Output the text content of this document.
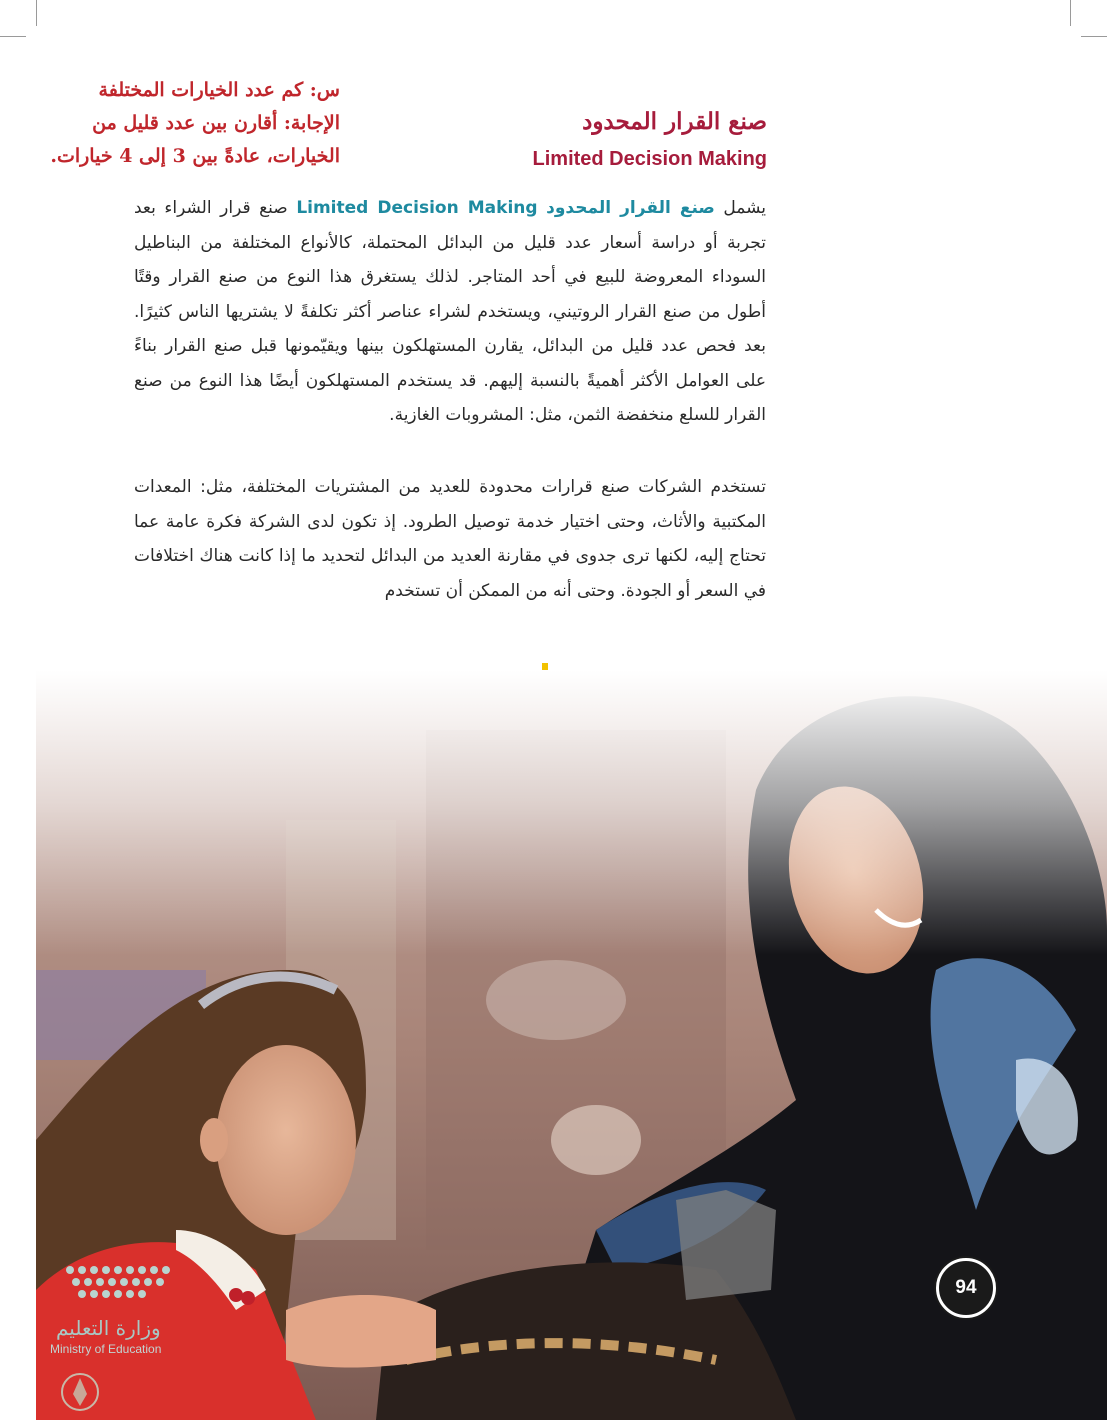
س: كم عدد الخيارات المختلفة
الإجابة: أقارن بين عدد قليل من
الخيارات، عادةً بين 3 إلى 4 خيارات.
صنع القرار المحدود
Limited Decision Making
يشمل صنع القرار المحدود Limited Decision Making صنع قرار الشراء بعد تجربة أو دراسة أسعار عدد قليل من البدائل المحتملة، كالأنواع المختلفة من البناطيل السوداء المعروضة للبيع في أحد المتاجر. لذلك يستغرق هذا النوع من صنع القرار وقتًا أطول من صنع القرار الروتيني، ويستخدم لشراء عناصر أكثر تكلفةً لا يشتريها الناس كثيرًا. بعد فحص عدد قليل من البدائل، يقارن المستهلكون بينها ويقيّمونها قبل صنع القرار بناءً على العوامل الأكثر أهميةً بالنسبة إليهم. قد يستخدم المستهلكون أيضًا هذا النوع من صنع القرار للسلع منخفضة الثمن، مثل: المشروبات الغازية.
تستخدم الشركات صنع قرارات محدودة للعديد من المشتريات المختلفة، مثل: المعدات المكتبية والأثاث، وحتى اختيار خدمة توصيل الطرود. إذ تكون لدى الشركة فكرة عامة عما تحتاج إليه، لكنها ترى جدوى في مقارنة العديد من البدائل لتحديد ما إذا كانت هناك اختلافات في السعر أو الجودة. وحتى أنه من الممكن أن تستخدم
وزارة التعليم
Ministry of Education
94
